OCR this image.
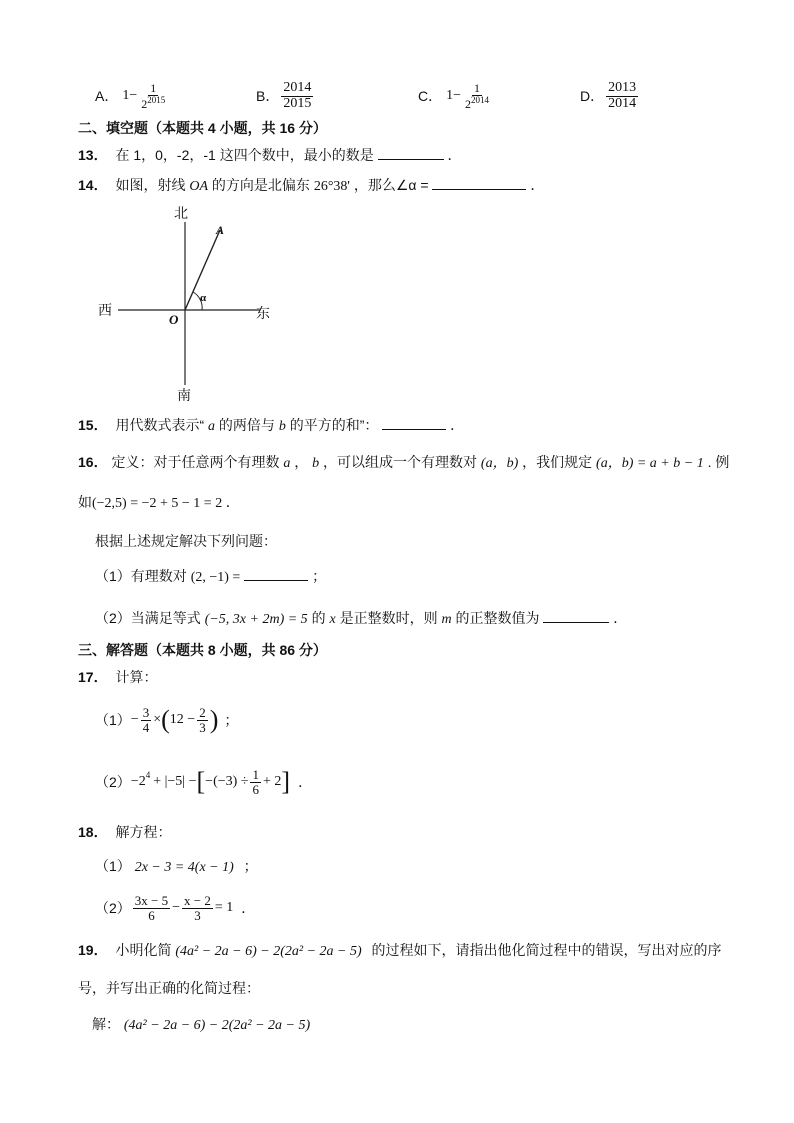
A． $1- \frac{1}{2^{2015}}$	B． $\frac{2014}{2015}$	C． $1- \frac{1}{2^{2014}}$	D． $\frac{2013}{2014}$
二、填空题（本题共 4 小题，共 16 分）
13． 在 1，0，-2，-1 这四个数中，最小的数是	．
14． 如图，射线 OA 的方向是北偏东 26°38' ，那么∠α =	．
北
南
西	东
A
O
α
15． 用代数式表示“ a 的两倍与 b 的平方的和”：	．
16． 定义：对于任意两个有理数 a ， b ，可以组成一个有理数对 (a，b) ，我们规定 (a，b) = a + b − 1 . 例
如(−2,5) = −2 + 5 − 1 = 2 ．
根据上述规定解决下列问题：
（1）有理数对 (2, −1) =	；
（2）当满足等式 (−5, 3x + 2m) = 5 的 x 是正整数时，则 m 的正整数值为	．
三、解答题（本题共 8 小题，共 86 分）
17． 计算：
$(1) - \frac{3}{4}$ × ( $12 - \frac{2}{3}$ ) ；
（2） −2 4 + |−5| − [ $-(-3) \div \frac{1}{6} + 2$ ] ．
18． 解方程：
（1） 2x − 3 = 4(x − 1) ；
$(2) \frac{3x - 5}{6} - \frac{x - 2}{3} = 1$ ．
19． 小明化简 (4a² − 2a − 6) − 2(2a² − 2a − 5) 的过程如下，请指出他化简过程中的错误，写出对应的序
号，并写出正确的化简过程：
解： (4a² − 2a − 6) − 2(2a² − 2a − 5)
